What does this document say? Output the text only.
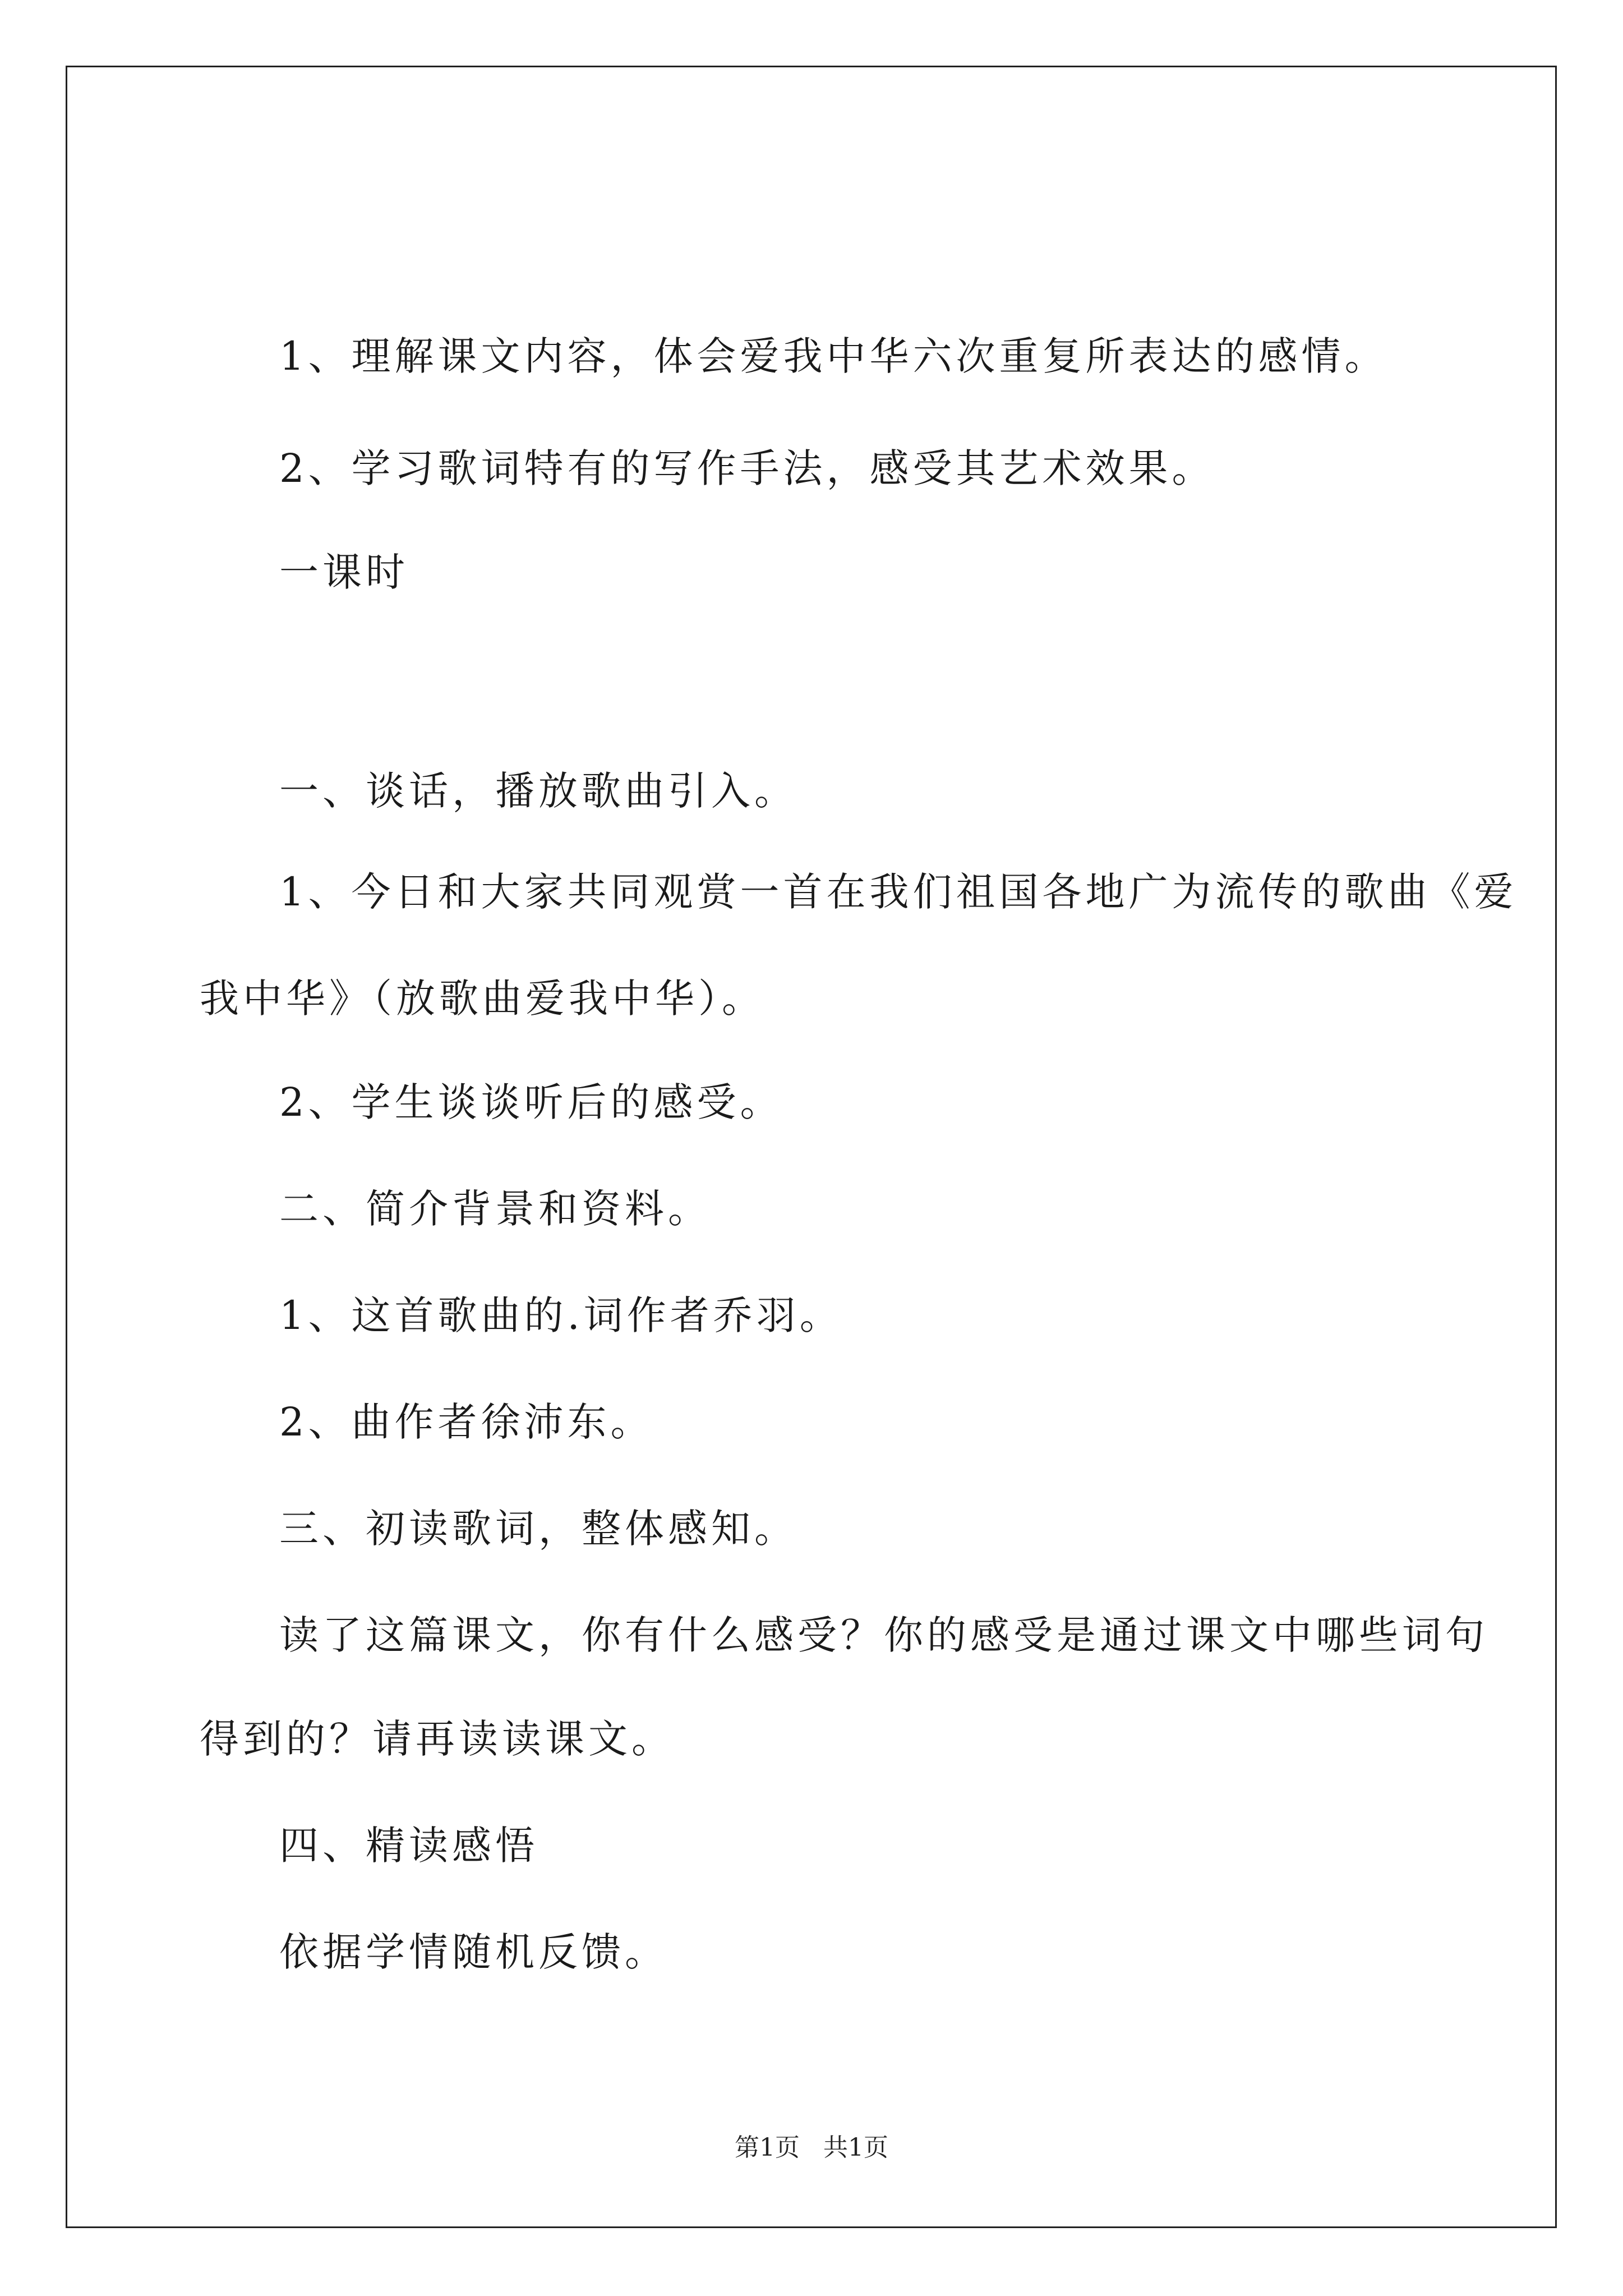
1、理解课文内容，体会爱我中华六次重复所表达的感情。
2、学习歌词特有的写作手法，感受其艺术效果。
一课时
一、谈话，播放歌曲引入。
1、今日和大家共同观赏一首在我们祖国各地广为流传的歌曲《爱
我中华》（放歌曲爱我中华）。
2、学生谈谈听后的感受。
二、简介背景和资料。
1、这首歌曲的.词作者乔羽。
2、曲作者徐沛东。
三、初读歌词，整体感知。
读了这篇课文，你有什么感受？你的感受是通过课文中哪些词句
得到的？请再读读课文。
四、精读感悟
依据学情随机反馈。
第1页   共1页
